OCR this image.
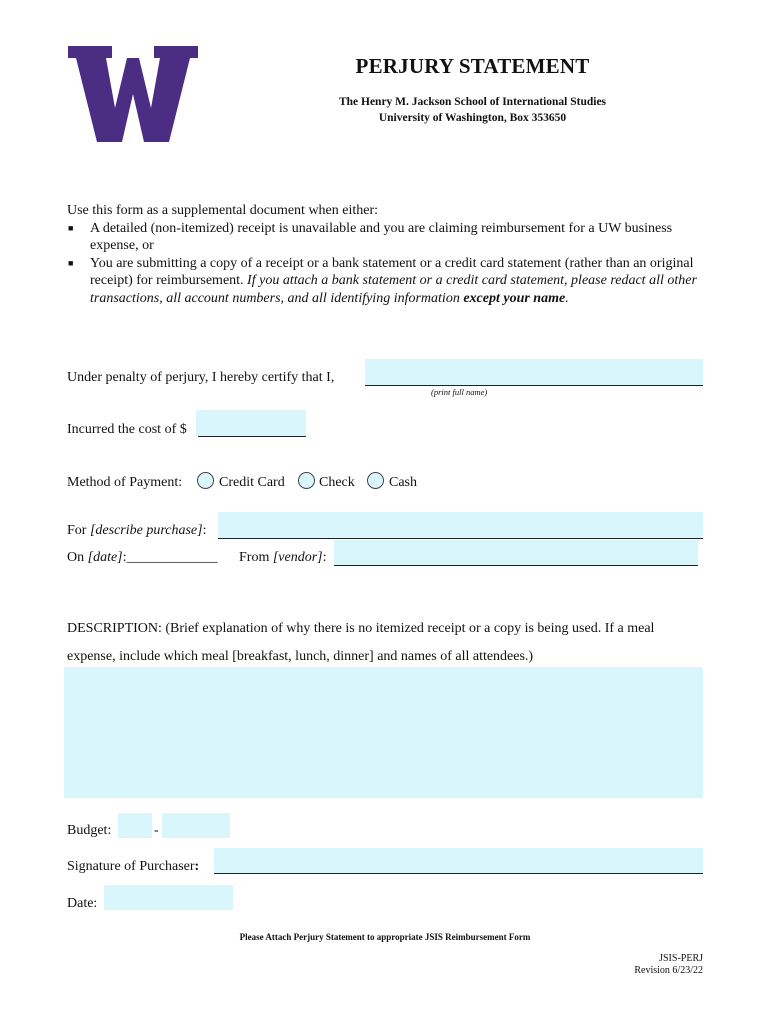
PERJURY STATEMENT
The Henry M. Jackson School of International Studies
University of Washington, Box 353650
Use this form as a supplemental document when either:
■ A detailed (non-itemized) receipt is unavailable and you are claiming reimbursement for a UW business expense, or
■ You are submitting a copy of a receipt or a bank statement or a credit card statement (rather than an original receipt) for reimbursement. If you attach a bank statement or a credit card statement, please redact all other transactions, all account numbers, and all identifying information except your name.
Under penalty of perjury, I hereby certify that I,
(print full name)
Incurred the cost of $
Method of Payment:	Credit Card Check Cash
For [describe purchase]:
On [date]:_____________ From [vendor]:
DESCRIPTION: (Brief explanation of why there is no itemized receipt or a copy is being used. If a meal
expense, include which meal [breakfast, lunch, dinner] and names of all attendees.)
Budget:	-
Signature of Purchaser:
Date:
Please Attach Perjury Statement to appropriate JSIS Reimbursement Form
JSIS-PERJ
Revision 6/23/22
